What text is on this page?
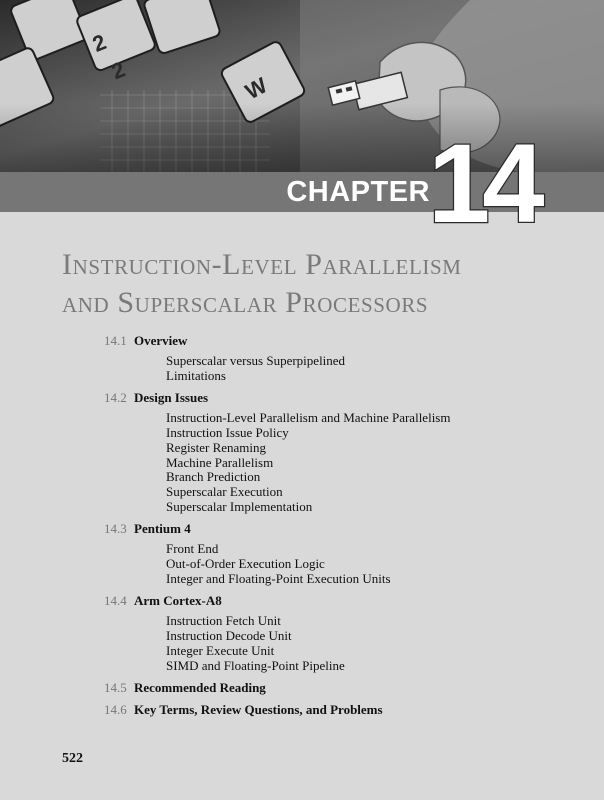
CHAPTER
14
Instruction-Level Parallelism
and Superscalar Processors
14.1 Overview
Superscalar versus Superpipelined
Limitations
14.2 Design Issues
Instruction-Level Parallelism and Machine Parallelism
Instruction Issue Policy
Register Renaming
Machine Parallelism
Branch Prediction
Superscalar Execution
Superscalar Implementation
14.3 Pentium 4
Front End
Out-of-Order Execution Logic
Integer and Floating-Point Execution Units
14.4 Arm Cortex-A8
Instruction Fetch Unit
Instruction Decode Unit
Integer Execute Unit
SIMD and Floating-Point Pipeline
14.5 Recommended Reading
14.6 Key Terms, Review Questions, and Problems
522
